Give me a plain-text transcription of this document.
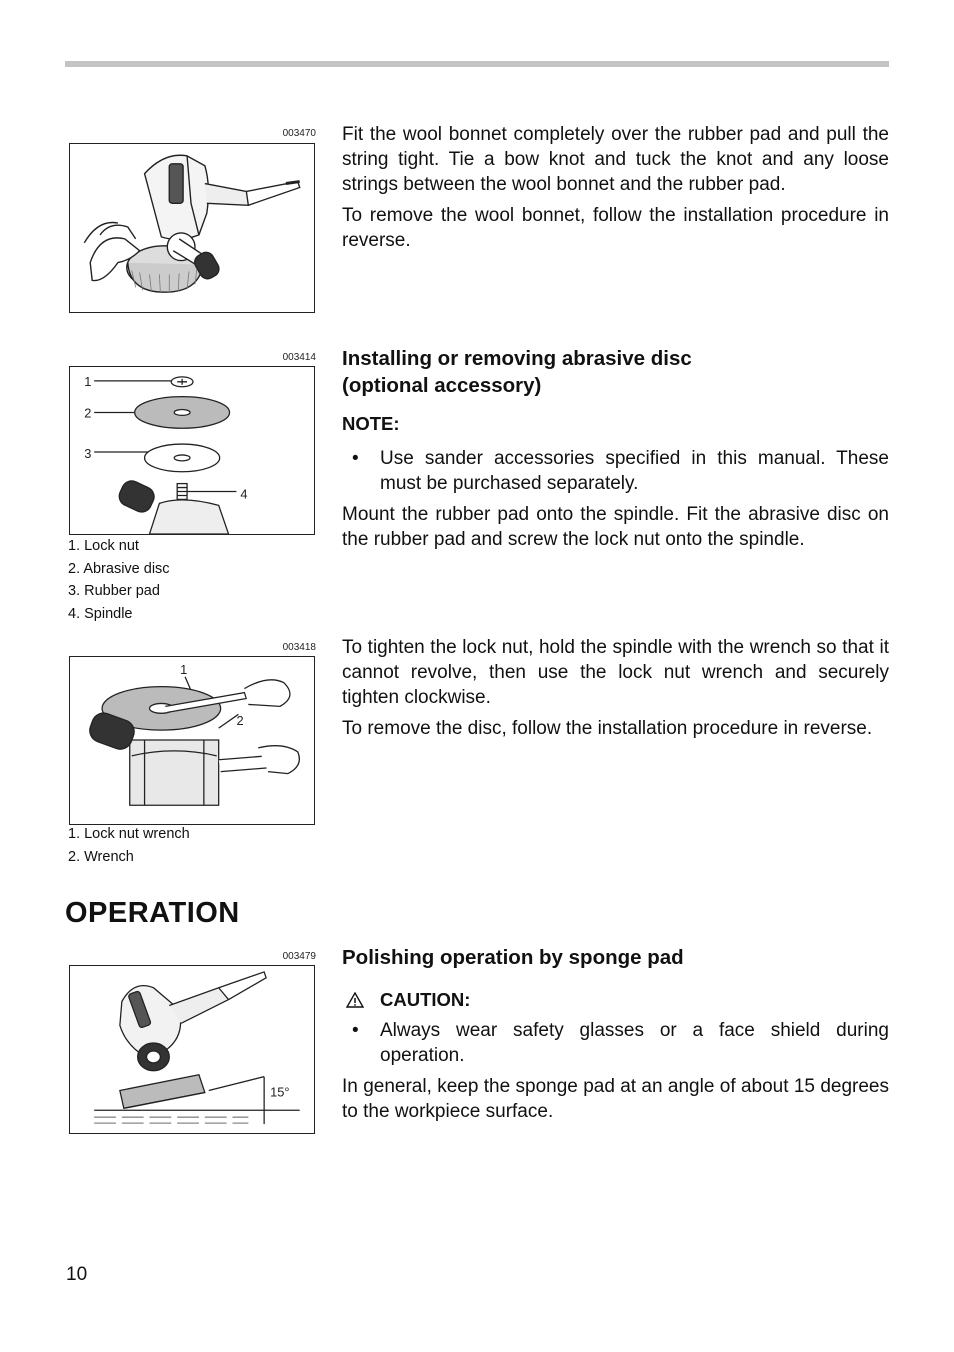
003470
003414
1
2
3
4
1. Lock nut
2. Abrasive disc
3. Rubber pad
4. Spindle
003418
1
2
1. Lock nut wrench
2. Wrench
003479
15°

Fit the wool bonnet completely over the rubber pad and pull the string tight. Tie a bow knot and tuck the knot and any loose strings between the wool bonnet and the rubber pad.

To remove the wool bonnet, follow the installation procedure in reverse.

Installing or removing abrasive disc
(optional accessory)

NOTE:

• Use sander accessories specified in this manual. These must be purchased separately.

Mount the rubber pad onto the spindle. Fit the abrasive disc on the rubber pad and screw the lock nut onto the spindle.

To tighten the lock nut, hold the spindle with the wrench so that it cannot revolve, then use the lock nut wrench and securely tighten clockwise.

To remove the disc, follow the installation procedure in reverse.

OPERATION
Polishing operation by sponge pad
CAUTION:
• Always wear safety glasses or a face shield during operation.

In general, keep the sponge pad at an angle of about 15 degrees to the workpiece surface.

10
